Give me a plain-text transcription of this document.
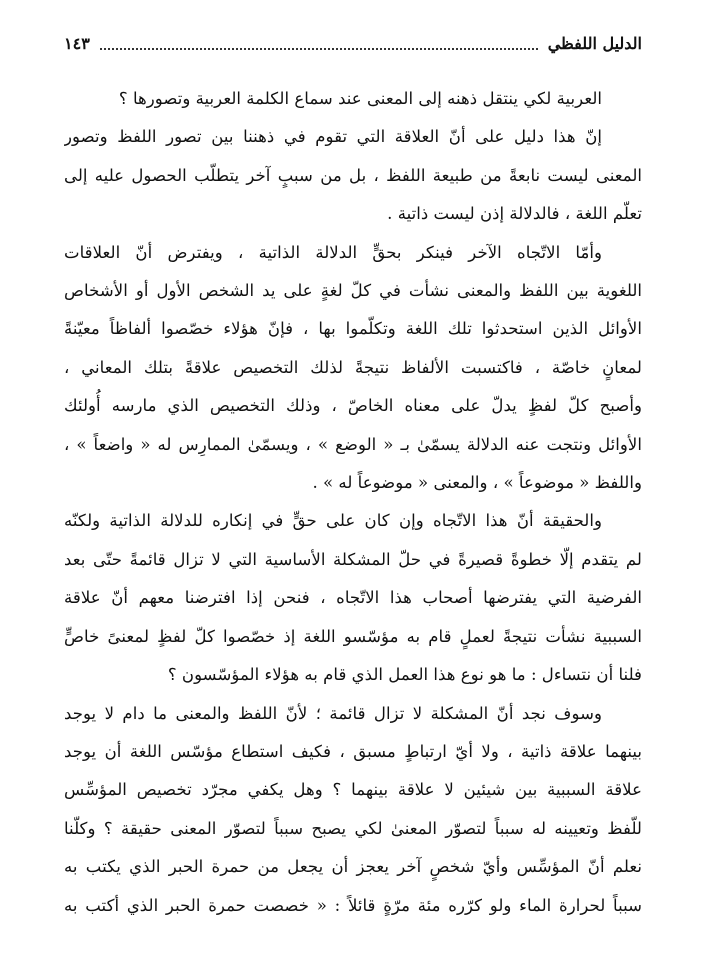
الدليل اللفظي
١٤٣
العربية لكي ينتقل ذهنه إلى المعنى عند سماع الكلمة العربية وتصورها ؟
إنّ هذا دليل على أنّ العلاقة التي تقوم في ذهننا بين تصور اللفظ وتصور
المعنى ليست نابعةً من طبيعة اللفظ ، بل من سببٍ آخر يتطلّب الحصول عليه إلى
تعلّم اللغة ، فالدلالة إذن ليست ذاتية .
وأمّا الاتّجاه الآخر فينكر بحقٍّ الدلالة الذاتية ، ويفترض أنّ العلاقات
اللغوية بين اللفظ والمعنى نشأت في كلّ لغةٍ على يد الشخص الأول أو الأشخاص
الأوائل الذين استحدثوا تلك اللغة وتكلّموا بها ، فإنّ هؤلاء خصّصوا ألفاظاً معيّنةً
لمعانٍ خاصّة ، فاكتسبت الألفاظ نتيجةً لذلك التخصيص علاقةً بتلك المعاني ،
وأصبح كلّ لفظٍ يدلّ على معناه الخاصّ ، وذلك التخصيص الذي مارسه أُولئك
الأوائل ونتجت عنه الدلالة يسمّىٰ بـ « الوضع » ، ويسمّىٰ الممارِس له « واضعاً » ،
واللفظ « موضوعاً » ، والمعنى « موضوعاً له » .
والحقيقة أنّ هذا الاتّجاه وإن كان على حقٍّ في إنكاره للدلالة الذاتية ولكنّه
لم يتقدم إلّا خطوةً قصيرةً في حلّ المشكلة الأساسية التي لا تزال قائمةً حتّى بعد
الفرضية التي يفترضها أصحاب هذا الاتّجاه ، فنحن إذا افترضنا معهم أنّ علاقة
السببية نشأت نتيجةً لعملٍ قام به مؤسّسو اللغة إذ خصّصوا كلّ لفظٍ لمعنىً خاصٍّ
فلنا أن نتساءل : ما هو نوع هذا العمل الذي قام به هؤلاء المؤسّسون ؟
وسوف نجد أنّ المشكلة لا تزال قائمة ؛ لأنّ اللفظ والمعنى ما دام لا يوجد
بينهما علاقة ذاتية ، ولا أيّ ارتباطٍ مسبق ، فكيف استطاع مؤسّس اللغة أن يوجد
علاقة السببية بين شيئين لا علاقة بينهما ؟ وهل يكفي مجرّد تخصيص المؤسِّس
للّفظ وتعيينه له سبباً لتصوّر المعنىٰ لكي يصبح سبباً لتصوّر المعنى حقيقة ؟ وكلّنا
نعلم أنّ المؤسِّس وأيّ شخصٍ آخر يعجز أن يجعل من حمرة الحبر الذي يكتب به
سبباً لحرارة الماء ولو كرّره مئة مرّةٍ قائلاً : « خصصت حمرة الحبر الذي أكتب به
